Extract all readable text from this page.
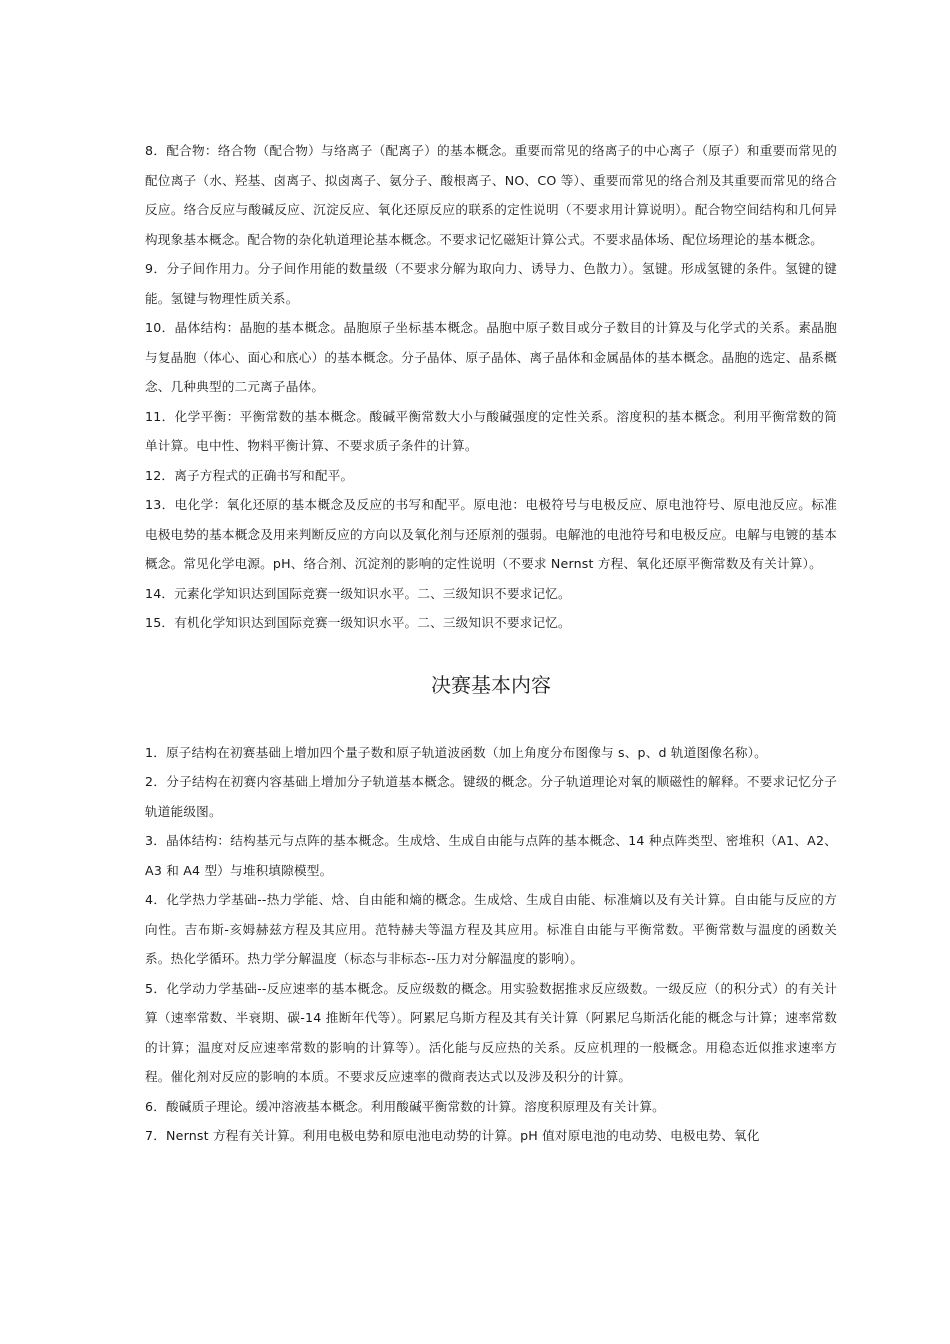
8．配合物：络合物（配合物）与络离子（配离子）的基本概念。重要而常见的络离子的中心离子（原子）和重要而常见的配位离子（水、羟基、卤离子、拟卤离子、氨分子、酸根离子、NO、CO 等）、重要而常见的络合剂及其重要而常见的络合反应。络合反应与酸碱反应、沉淀反应、氧化还原反应的联系的定性说明（不要求用计算说明）。配合物空间结构和几何异构现象基本概念。配合物的杂化轨道理论基本概念。不要求记忆磁矩计算公式。不要求晶体场、配位场理论的基本概念。

9．分子间作用力。分子间作用能的数量级（不要求分解为取向力、诱导力、色散力）。氢键。形成氢键的条件。氢键的键能。氢键与物理性质关系。

10．晶体结构：晶胞的基本概念。晶胞原子坐标基本概念。晶胞中原子数目或分子数目的计算及与化学式的关系。素晶胞与复晶胞（体心、面心和底心）的基本概念。分子晶体、原子晶体、离子晶体和金属晶体的基本概念。晶胞的选定、晶系概念、几种典型的二元离子晶体。

11．化学平衡：平衡常数的基本概念。酸碱平衡常数大小与酸碱强度的定性关系。溶度积的基本概念。利用平衡常数的简单计算。电中性、物料平衡计算、不要求质子条件的计算。

12．离子方程式的正确书写和配平。

13．电化学：氧化还原的基本概念及反应的书写和配平。原电池：电极符号与电极反应、原电池符号、原电池反应。标准电极电势的基本概念及用来判断反应的方向以及氧化剂与还原剂的强弱。电解池的电池符号和电极反应。电解与电镀的基本概念。常见化学电源。pH、络合剂、沉淀剂的影响的定性说明（不要求 Nernst 方程、氧化还原平衡常数及有关计算）。

14．元素化学知识达到国际竞赛一级知识水平。二、三级知识不要求记忆。

15．有机化学知识达到国际竞赛一级知识水平。二、三级知识不要求记忆。

决赛基本内容

1．原子结构在初赛基础上增加四个量子数和原子轨道波函数（加上角度分布图像与 s、p、d 轨道图像名称）。

2．分子结构在初赛内容基础上增加分子轨道基本概念。键级的概念。分子轨道理论对氧的顺磁性的解释。不要求记忆分子轨道能级图。

3．晶体结构：结构基元与点阵的基本概念。生成焓、生成自由能与点阵的基本概念、14 种点阵类型、密堆积（A1、A2、A3 和 A4 型）与堆积填隙模型。

4．化学热力学基础--热力学能、焓、自由能和熵的概念。生成焓、生成自由能、标准熵以及有关计算。自由能与反应的方向性。吉布斯-亥姆赫兹方程及其应用。范特赫夫等温方程及其应用。标准自由能与平衡常数。平衡常数与温度的函数关系。热化学循环。热力学分解温度（标态与非标态--压力对分解温度的影响）。

5．化学动力学基础--反应速率的基本概念。反应级数的概念。用实验数据推求反应级数。一级反应（的积分式）的有关计算（速率常数、半衰期、碳-14 推断年代等）。阿累尼乌斯方程及其有关计算（阿累尼乌斯活化能的概念与计算；速率常数的计算；温度对反应速率常数的影响的计算等）。活化能与反应热的关系。反应机理的一般概念。用稳态近似推求速率方程。催化剂对反应的影响的本质。不要求反应速率的微商表达式以及涉及积分的计算。

6．酸碱质子理论。缓冲溶液基本概念。利用酸碱平衡常数的计算。溶度积原理及有关计算。

7．Nernst 方程有关计算。利用电极电势和原电池电动势的计算。pH 值对原电池的电动势、电极电势、氧化
